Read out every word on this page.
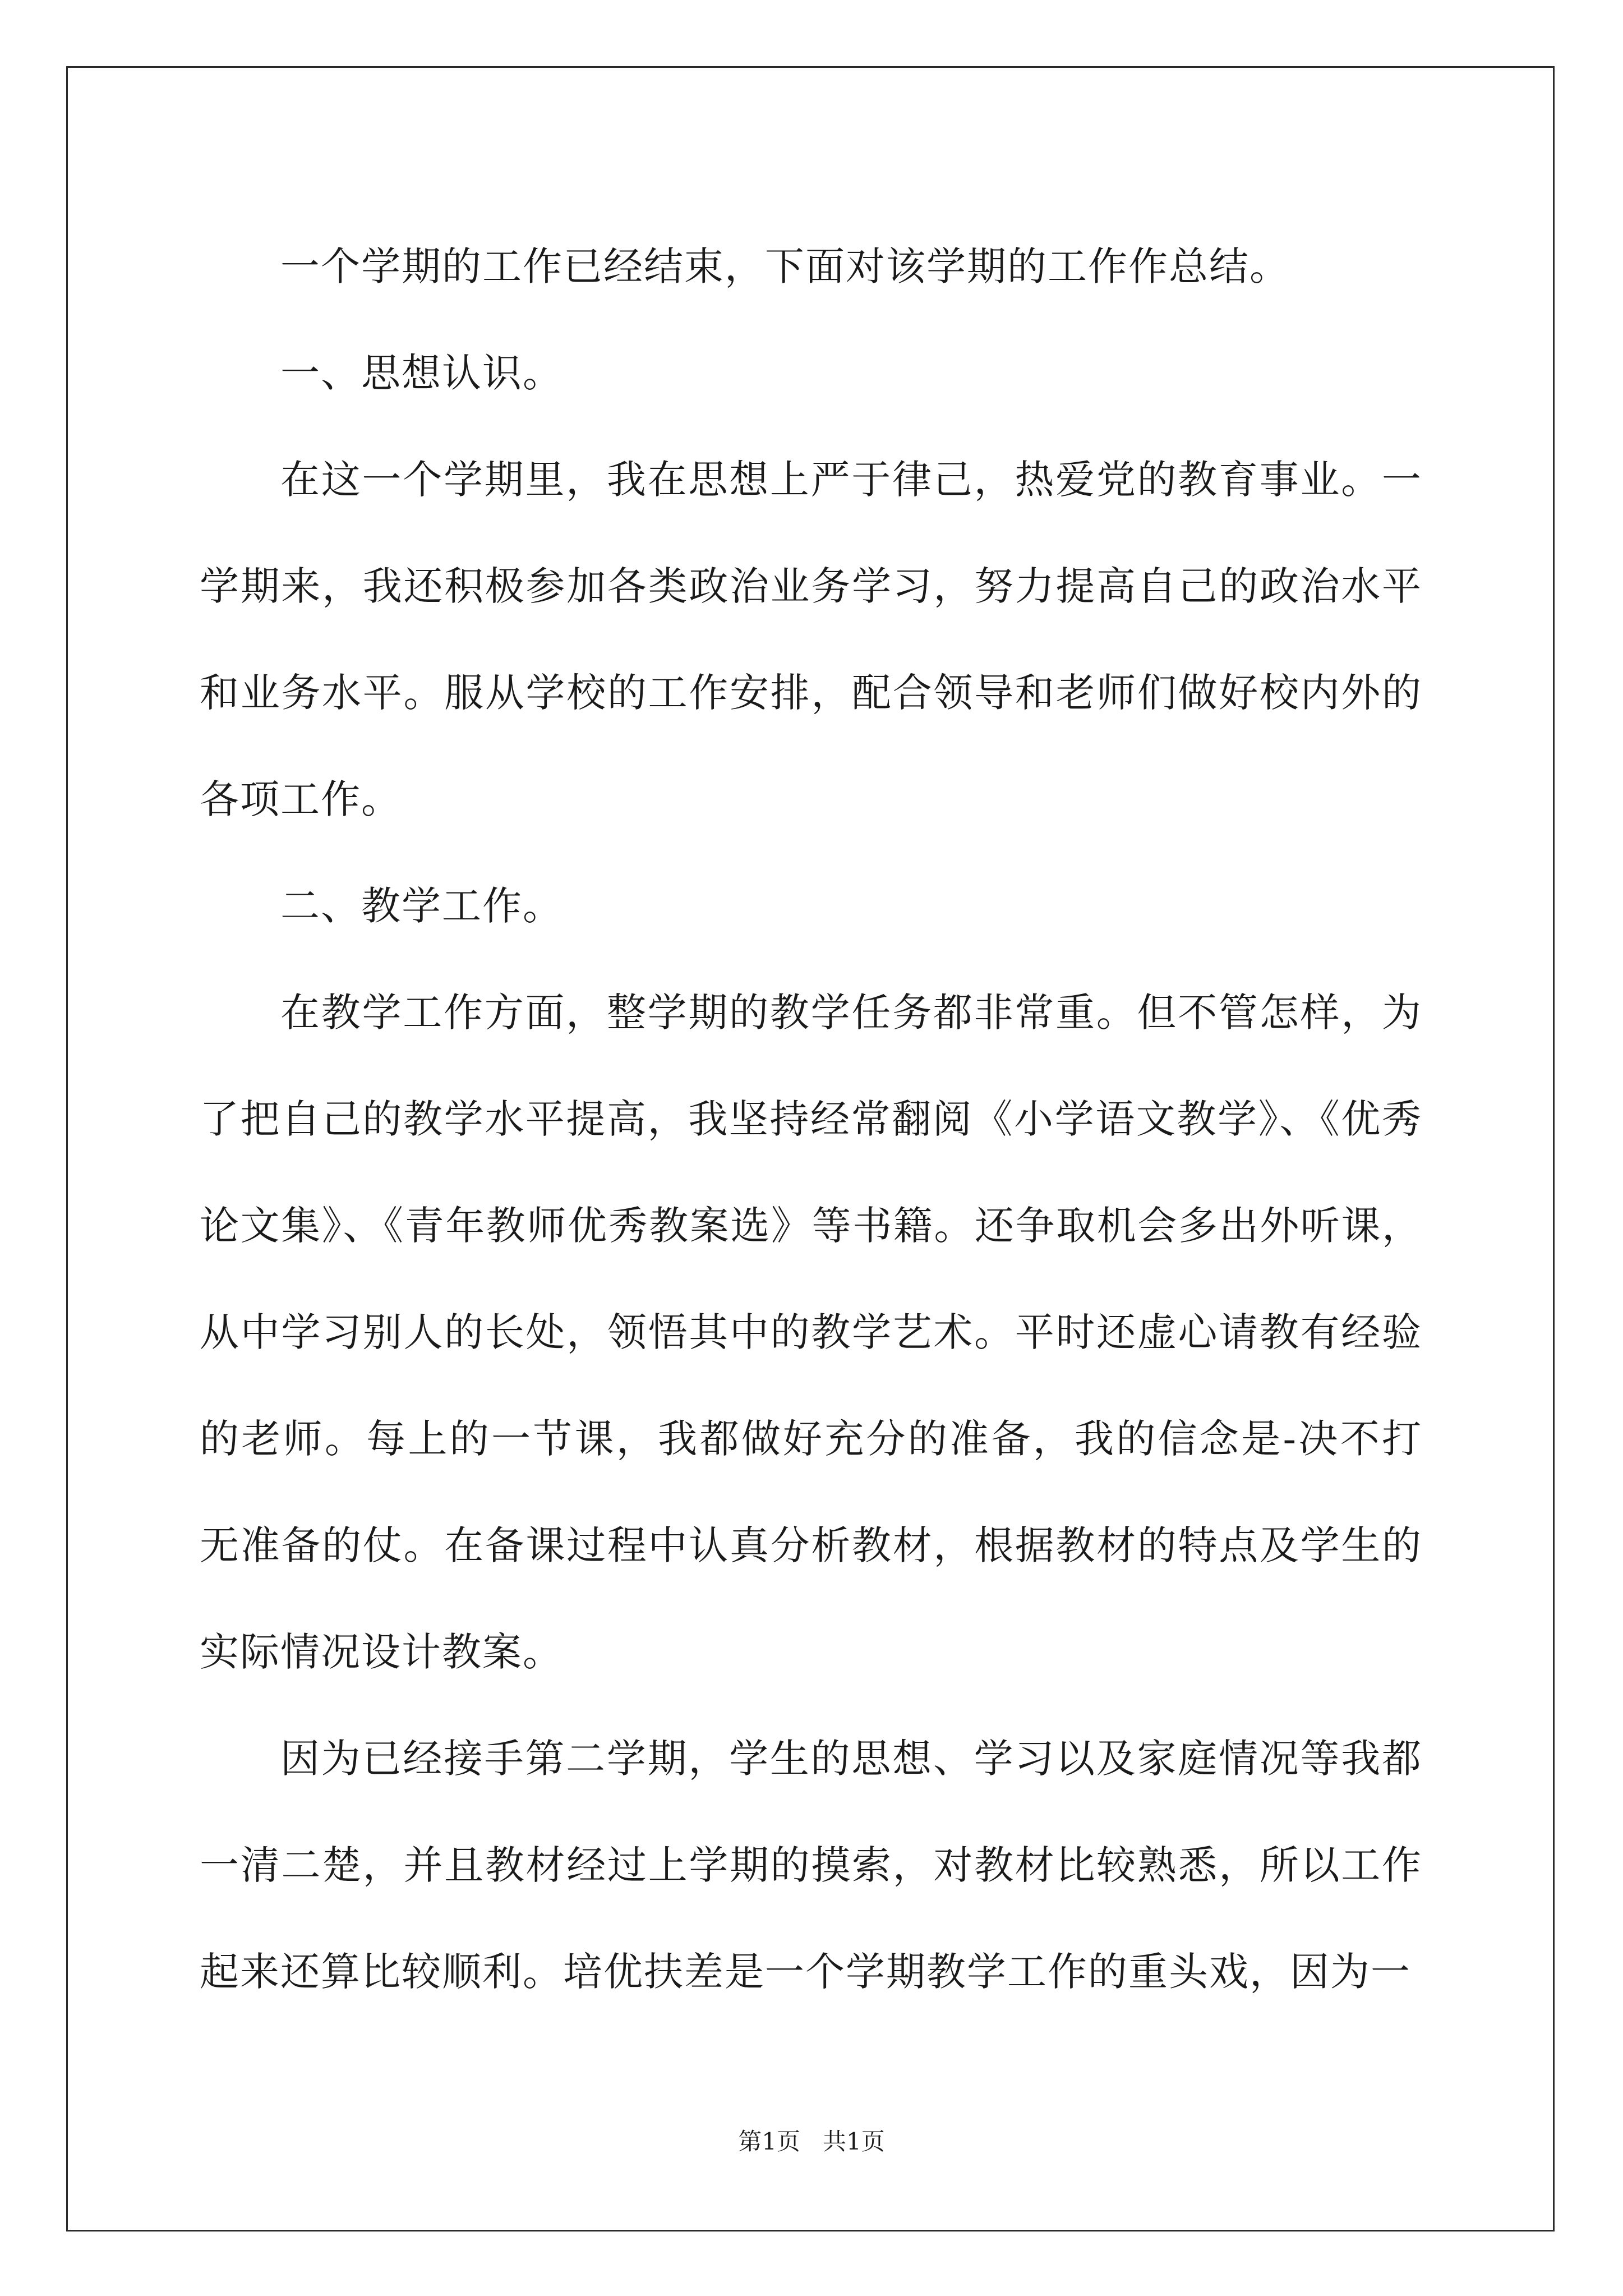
一个学期的工作已经结束，下面对该学期的工作作总结。

一、思想认识。

在这一个学期里，我在思想上严于律己，热爱党的教育事业。一学期来，我还积极参加各类政治业务学习，努力提高自己的政治水平和业务水平。服从学校的工作安排，配合领导和老师们做好校内外的各项工作。

二、教学工作。

在教学工作方面，整学期的教学任务都非常重。但不管怎样，为了把自己的教学水平提高，我坚持经常翻阅《小学语文教学》、《优秀论文集》、《青年教师优秀教案选》等书籍。还争取机会多出外听课，从中学习别人的长处，领悟其中的教学艺术。平时还虚心请教有经验的老师。每上的一节课，我都做好充分的准备，我的信念是-决不打无准备的仗。在备课过程中认真分析教材，根据教材的特点及学生的实际情况设计教案。

因为已经接手第二学期，学生的思想、学习以及家庭情况等我都一清二楚，并且教材经过上学期的摸索，对教材比较熟悉，所以工作起来还算比较顺利。培优扶差是一个学期教学工作的重头戏，因为一

第1页 共1页
